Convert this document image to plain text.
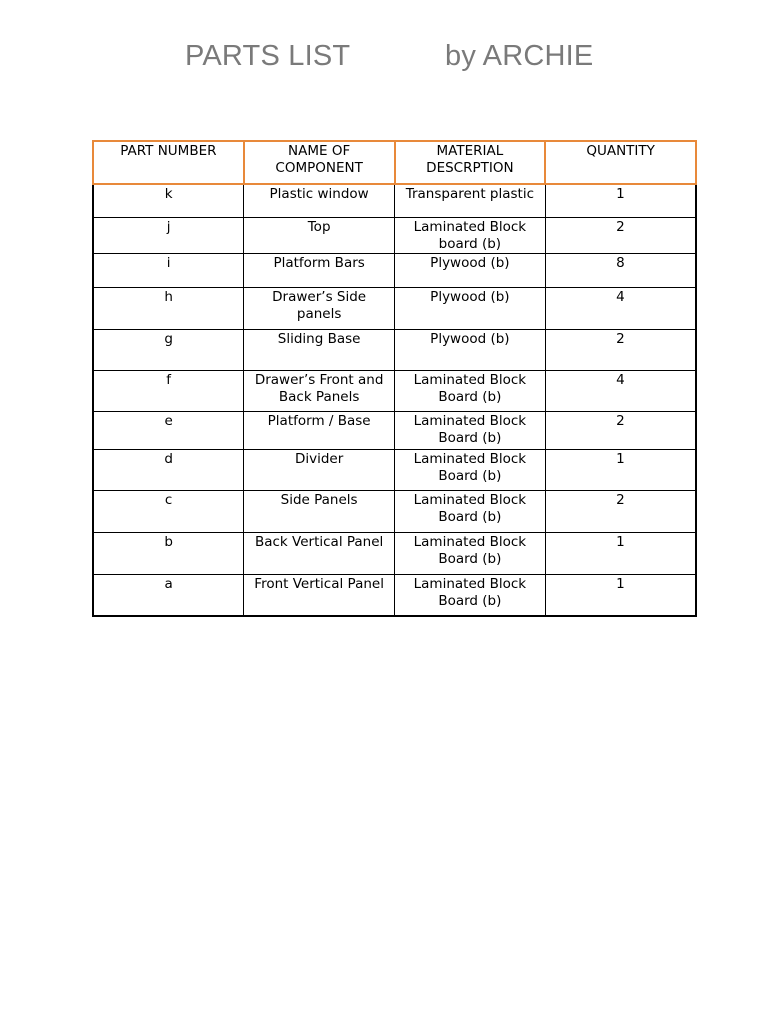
PARTS LIST	by ARCHIE
PART NUMBER	NAME OF COMPONENT	MATERIAL DESCRPTION	QUANTITY
k	Plastic window	Transparent plastic	1
j	Top	Laminated Block board (b)	2
i	Platform Bars	Plywood (b)	8
h	Drawer’s Side panels	Plywood (b)	4
g	Sliding Base	Plywood (b)	2
f	Drawer’s Front and Back Panels	Laminated Block Board (b)	4
e	Platform / Base	Laminated Block Board (b)	2
d	Divider	Laminated Block Board (b)	1
c	Side Panels	Laminated Block Board (b)	2
b	Back Vertical Panel	Laminated Block Board (b)	1
a	Front Vertical Panel	Laminated Block Board (b)	1
